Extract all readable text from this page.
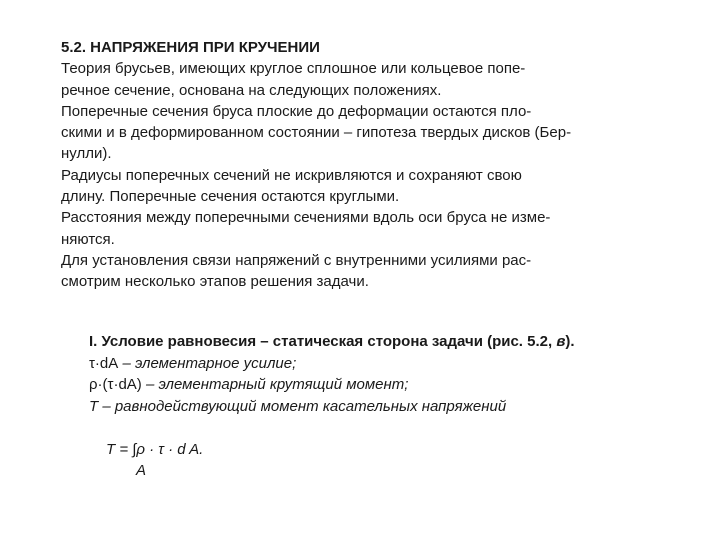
5.2. НАПРЯЖЕНИЯ ПРИ КРУЧЕНИИ
Теория брусьев, имеющих круглое сплошное или кольцевое попе-
речное сечение, основана на следующих положениях.
Поперечные сечения бруса плоские до деформации остаются пло-
скими и в деформированном состоянии – гипотеза твердых дисков (Бер-
нулли).
Радиусы поперечных сечений не искривляются и сохраняют свою
длину. Поперечные сечения остаются круглыми.
Расстояния между поперечными сечениями вдоль оси бруса не изме-
няются.
Для установления связи напряжений с внутренними усилиями рас-
смотрим несколько этапов решения задачи.
I. Условие равновесия – статическая сторона задачи (рис. 5.2, в).
τ·dA – элементарное усилие;
ρ·(τ·dA) – элементарный крутящий момент;
T – равнодействующий момент касательных напряжений
T = ∫ρ · τ · d A.
A
